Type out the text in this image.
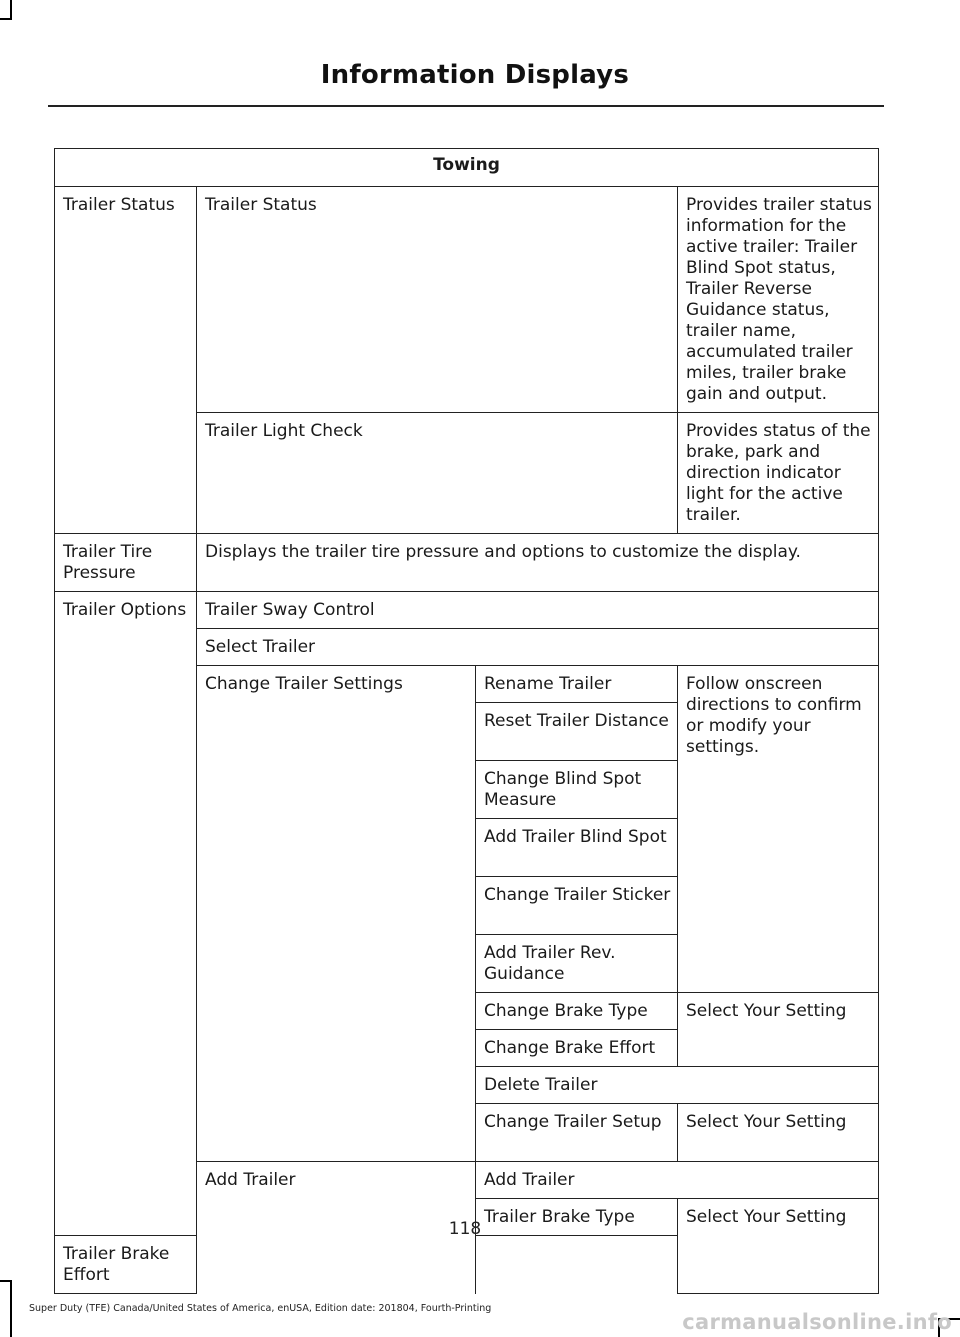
Information Displays
Towing			
Trailer Status	Trailer Status		Provides trailer status information for the active trailer: Trailer Blind Spot status, Trailer Reverse Guidance status, trailer name, accumulated trailer miles, trailer brake gain and output.
	Trailer Light Check		Provides status of the brake, park and direction indicator light for the active trailer.
Trailer Tire Pressure	Displays the trailer tire pressure and options to customize the display.		
Trailer Options	Trailer Sway Control		
	Select Trailer		
	Change Trailer Settings	Rename Trailer	Follow onscreen directions to confirm or modify your settings.
		Reset Trailer Distance	
		Change Blind Spot Measure	
		Add Trailer Blind Spot	
		Change Trailer Sticker	
		Add Trailer Rev. Guidance	
		Change Brake Type	Select Your Setting
		Change Brake Effort	
		Delete Trailer	
		Change Trailer Setup	Select Your Setting
	Add Trailer	Add Trailer	
		Trailer Brake Type	Select Your Setting
Trailer Brake Effort			
118
Super Duty (TFE) Canada/United States of America, enUSA, Edition date: 201804, Fourth-Printing
carmanualsonline.info
